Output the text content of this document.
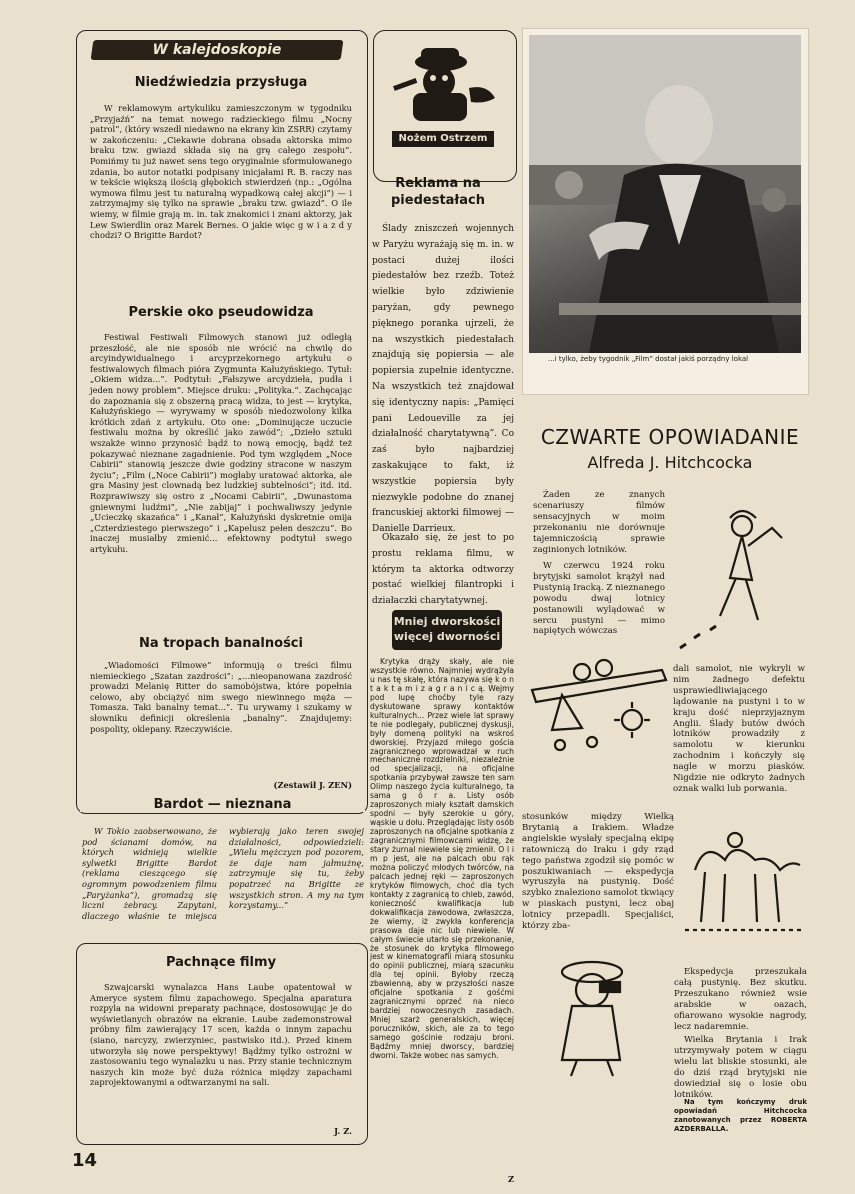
W kalejdoskopie
Niedźwiedzia przysługa

W reklamowym artykuliku zamieszczonym w tygodniku „Przyjaźń” na temat nowego radzieckiego filmu „Nocny patrol”, (który wszedł niedawno na ekrany kin ZSRR) czytamy w zakończeniu: „Ciekawie dobrana obsada aktorska mimo braku tzw. gwiazd składa się na grę całego zespołu”. Pomińmy tu już nawet sens tego oryginalnie sformułowanego zdania, bo autor notatki podpisany inicjałami R. B. raczy nas w tekście większą ilością głębokich stwierdzeń (np.: „Ogólna wymowa filmu jest tu naturalną wypadkową całej akcji”) — i zatrzymajmy się tylko na sprawie „braku tzw. gwiazd”. O ile wiemy, w filmie grają m. in. tak znakomici i znani aktorzy, jak Lew Swierdlin oraz Marek Bernes. O jakie więc g w i a z d y chodzi? O Brigitte Bardot?

Perskie oko pseudowidza

Festiwal Festiwali Filmowych stanowi już odległą przeszłość, ale nie sposób nie wrócić na chwilę do arcyindywidualnego i arcyprzekornego artykułu o festiwalowych filmach pióra Zygmunta Kałużyńskiego. Tytuł: „Okiem widza...”. Podtytuł: „Fałszywe arcydzieła, pudła i jeden nowy problem”. Miejsce druku: „Polityka.”. Zachęcając do zapoznania się z obszerną pracą widza, to jest — krytyka, Kałużyńskiego — wyrywamy w sposób niedozwolony kilka krótkich zdań z artykułu. Oto one: „Dominującze uczucie festiwalu można by określić jako zawód”; „Dzieło sztuki wszakże winno przynosić bądź to nową emocję, bądź też pokazywać nieznane zagadnienie. Pod tym względem „Noce Cabirii” stanowią jeszcze dwie godziny stracone w naszym życiu”; „Film („Noce Cabirii”) mogłaby uratować aktorka, ale gra Masiny jest clownadą bez ludzkiej subtelności”; itd. itd. Rozprawiwszy się ostro z „Nocami Cabirii”, „Dwunastoma gniewnymi ludźmi”, „Nie zabijaj” i pochwaliwszy jedynie „Ucieczkę skazańca” i „Kanał”, Kałużyński dyskretnie omija „Czterdziestego pierwszego” i „Kapelusz pełen deszczu”. Bo inaczej musiałby zmienić... efektowny podtytuł swego artykułu.

Na tropach banalności

„Wiadomości Filmowe” informują o treści filmu niemieckiego „Szatan zazdrości”: „...nieopanowana zazdrość prowadzi Melanię Ritter do samobójstwa, które popełnia celowo, aby obciążyć nim swego niewinnego męża — Tomasza. Taki banalny temat...”. Tu urywamy i szukamy w słowniku definicji określenia „banalny”. Znajdujemy: pospolity, oklepany. Rzeczywiście.

(Zestawił J. ZEN)

Bardot — nieznana

W Tokio zaobserwowano, że pod ścianami domów, na których widnieją wielkie sylwetki Brigitte Bardot (reklama cieszącego się ogromnym powodzeniem filmu „Paryżanka”), gromadzą się liczni żebracy. Zapytani, dlaczego właśnie te miejsca wybierają jako teren swojej działalności, odpowiedzieli: „Wielu mężczyzn pod pozorem, że daje nam jałmużnę, zatrzymuje się tu, żeby popatrzeć na Brigitte ze wszystkich stron. A my na tym korzystamy...”

Pachnące filmy

Szwajcarski wynalazca Hans Laube opatentował w Ameryce system filmu zapachowego. Specjalna aparatura rozpyla na widowni preparaty pachnące, dostosowując je do wyświetlanych obrazów na ekranie. Laube zademonstrował próbny film zawierający 17 scen, każda o innym zapachu (siano, narcyzy, zwierzyniec, pastwisko itd.). Przed kinem utworzyła się nowe perspektywy! Bądźmy tylko ostrożni w zastosowaniu tego wynalazku u nas. Przy stanie technicznym naszych kin może być duża różnica między zapachami zaprojektowanymi a odtwarzanymi na sali.

J. Z.

14
Nożem Ostrzem
Reklama na piedestałach

Ślady zniszczeń wojennych w Paryżu wyrażają się m. in. w postaci dużej ilości piedestałów bez rzeźb. Toteż wielkie było zdziwienie paryżan, gdy pewnego pięknego poranka ujrzeli, że na wszystkich piedestałach znajdują się popiersia — ale popiersia zupełnie identyczne. Na wszystkich też znajdował się identyczny napis: „Pamięci pani Ledoueville za jej działalność charytatywną”. Co zaś było najbardziej zaskakujące to fakt, iż wszystkie popiersia były niezwykle podobne do znanej francuskiej aktorki filmowej — Danielle Darrieux.

Okazało się, że jest to po prostu reklama filmu, w którym ta aktorka odtworzy postać wielkiej filantropki i działaczki charytatywnej.

Mniej dworskości więcej dworności

Krytyka drąży skały, ale nie wszystkie równo. Najmniej wydrążyła u nas tę skałę, która nazywa się k o n t a k t a m i z a g r a n i c ą. Wejmy pod lupę choćby tyle razy dyskutowane sprawy kontaktów kulturalnych... Przez wiele lat sprawy te nie podlegały, publicznej dyskusji, były domeną polityki na wskroś dworskiej. Przyjazd miłego gościa zagranicznego wprowadzał w ruch mechaniczne rozdzielniki, niezależnie od specjalizacji, na oficjalne spotkania przybywał zawsze ten sam Olimp naszego życia kulturalnego, ta sama g ó r a. Listy osób zaproszonych miały kształt damskich spodni — były szerokie u góry, wąskie u dołu. Przeglądając listy osób zaproszonych na oficjalne spotkania z zagranicznymi filmowcami widzę, że stary żurnal niewiele się zmienił. O l i m p jest, ale na palcach obu rąk można policzyć młodych twórców, na palcach jednej ręki — zaproszonych krytyków filmowych, choć dla tych kontakty z zagranicą to chleb, zawód, konieczność kwalifikacja lub dokwalifikacja zawodowa, zwłaszcza, że wiemy, iż zwykła konferencja prasowa daje nic lub niewiele. W całym świecie utarło się przekonanie, że stosunek do krytyka filmowego jest w kinematografii miarą stosunku do opinii publicznej, miarą szacunku dla tej opinii. Byłoby rzeczą zbawienną, aby w przyszłości nasze oficjalne spotkania z gośćmi zagranicznymi oprzeć na nieco bardziej nowoczesnych zasadach. Mniej szarż generalskich, więcej poruczników, skich, ale za to tego samego gościnie rodzaju broni. Bądźmy mniej dworscy, bardziej dworni. Także wobec nas samych.

Z

...i tylko, żeby tygodnik „Film” dostał jakiś porządny lokal

CZWARTE OPOWIADANIE
Alfreda J. Hitchcocka

Żaden ze znanych scenariuszy filmów sensacyjnych w moim przekonaniu nie dorównuje tajemniczością sprawie zaginionych lotników.

W czerwcu 1924 roku brytyjski samolot krążył nad Pustynią Iracką. Z nieznanego powodu dwaj lotnicy postanowili wylądować w sercu pustyni — mimo napiętych wówczas

dali samolot, nie wykryli w nim żadnego defektu usprawiedliwiającego lądowanie na pustyni i to w kraju dość nieprzyjaznym Anglii. Ślady butów dwóch lotników prowadziły z samolotu w kierunku zachodnim i kończyły się nagle w morzu piasków. Nigdzie nie odkryto żadnych oznak walki lub porwania.

stosunków między Wielką Brytanią a Irakiem. Władze angielskie wysłały specjalną ekipę ratowniczą do Iraku i gdy rząd tego państwa zgodził się pomóc w poszukiwaniach — ekspedycja wyruszyła na pustynię. Dość szybko znaleziono samolot tkwiący w piaskach pustyni, lecz obaj lotnicy przepadli. Specjaliści, którzy zba-

Ekspedycja przeszukała całą pustynię. Bez skutku. Przeszukano również wsie arabskie w oazach, ofiarowano wysokie nagrody, lecz nadaremnie.

Wielka Brytania i Irak utrzymywały potem w ciągu wielu lat bliskie stosunki, ale do dziś rząd brytyjski nie dowiedział się o losie obu lotników.

Na tym kończymy druk opowiadań Hitchcocka zanotowanych przez ROBERTA AZDERBALLA.
